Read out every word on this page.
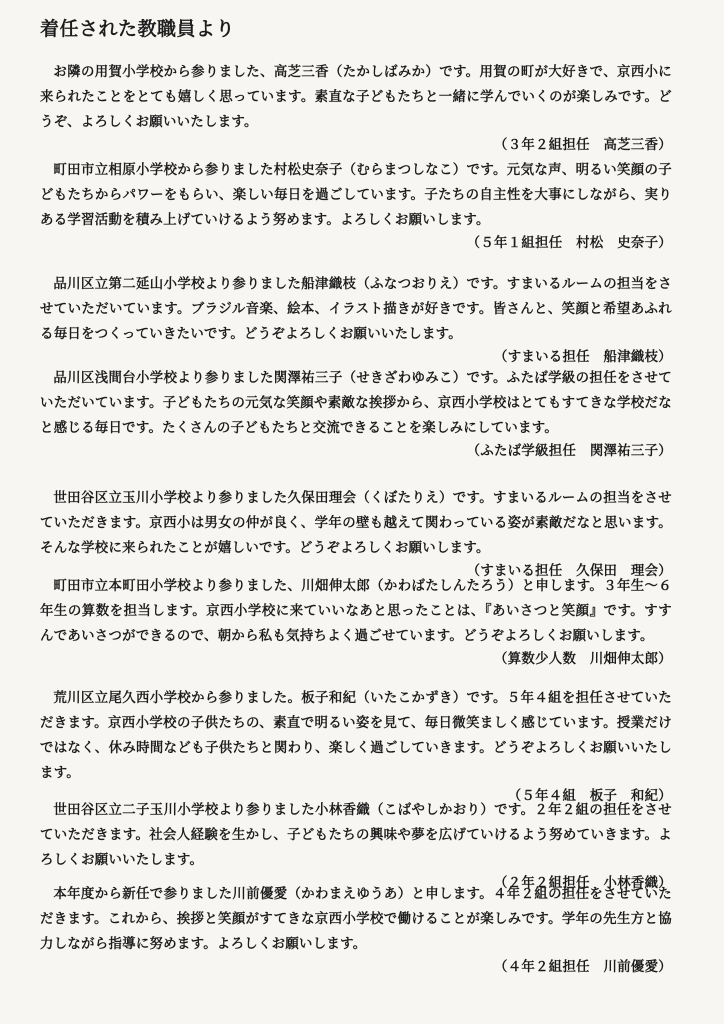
着任された教職員より

お隣の用賀小学校から参りました、高芝三香（たかしばみか）です。用賀の町が大好きで、京西小に来られたことをとても嬉しく思っています。素直な子どもたちと一緒に学んでいくのが楽しみです。どうぞ、よろしくお願いいたします。

（３年２組担任　高芝三香）

町田市立相原小学校から参りました村松史奈子（むらまつしなこ）です。元気な声、明るい笑顔の子どもたちからパワーをもらい、楽しい毎日を過ごしています。子たちの自主性を大事にしながら、実りある学習活動を積み上げていけるよう努めます。よろしくお願いします。

（５年１組担任　村松　史奈子）

品川区立第二延山小学校より参りました船津織枝（ふなつおりえ）です。すまいるルームの担当をさせていただいています。ブラジル音楽、絵本、イラスト描きが好きです。皆さんと、笑顔と希望あふれる毎日をつくっていきたいです。どうぞよろしくお願いいたします。

（すまいる担任　船津織枝）

品川区浅間台小学校より参りました関澤祐三子（せきざわゆみこ）です。ふたば学級の担任をさせていただいています。子どもたちの元気な笑顔や素敵な挨拶から、京西小学校はとてもすてきな学校だなと感じる毎日です。たくさんの子どもたちと交流できることを楽しみにしています。

（ふたば学級担任　関澤祐三子）

世田谷区立玉川小学校より参りました久保田理会（くぼたりえ）です。すまいるルームの担当をさせていただきます。京西小は男女の仲が良く、学年の壁も越えて関わっている姿が素敵だなと思います。そんな学校に来られたことが嬉しいです。どうぞよろしくお願いします。

（すまいる担任　久保田　理会）

町田市立本町田小学校より参りました、川畑伸太郎（かわばたしんたろう）と申します。３年生～６年生の算数を担当します。京西小学校に来ていいなあと思ったことは、『あいさつと笑顔』です。すすんであいさつができるので、朝から私も気持ちよく過ごせています。どうぞよろしくお願いします。

（算数少人数　川畑伸太郎）

荒川区立尾久西小学校から参りました。板子和紀（いたこかずき）です。５年４組を担任させていただきます。京西小学校の子供たちの、素直で明るい姿を見て、毎日微笑ましく感じています。授業だけではなく、休み時間なども子供たちと関わり、楽しく過ごしていきます。どうぞよろしくお願いいたします。

（５年４組　板子　和紀）

世田谷区立二子玉川小学校より参りました小林香織（こばやしかおり）です。２年２組の担任をさせていただきます。社会人経験を生かし、子どもたちの興味や夢を広げていけるよう努めていきます。よろしくお願いいたします。

（２年２組担任　小林香織）

本年度から新任で参りました川前優愛（かわまえゆうあ）と申します。４年２組の担任をさせていただきます。これから、挨拶と笑顔がすてきな京西小学校で働けることが楽しみです。学年の先生方と協力しながら指導に努めます。よろしくお願いします。

（４年２組担任　川前優愛）
